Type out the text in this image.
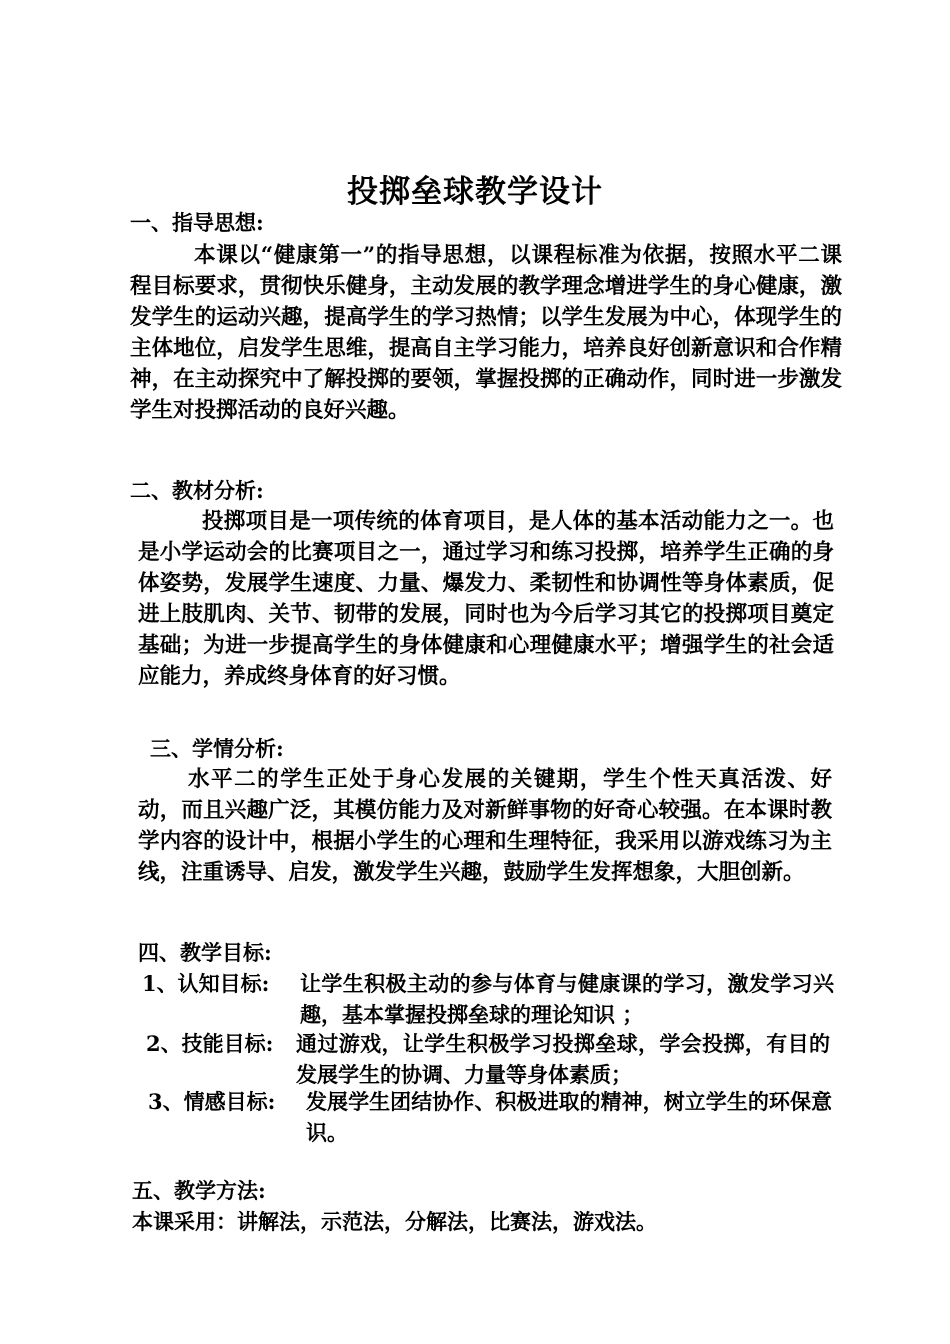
投掷垒球教学设计
一、指导思想:

本课以“健康第一”的指导思想，以课程标准为依据，按照水平二课程目标要求，贯彻快乐健身，主动发展的教学理念增进学生的身心健康，激发学生的运动兴趣，提高学生的学习热情；以学生发展为中心，体现学生的主体地位，启发学生思维，提高自主学习能力，培养良好创新意识和合作精神，在主动探究中了解投掷的要领，掌握投掷的正确动作，同时进一步激发学生对投掷活动的良好兴趣。

二、教材分析:

投掷项目是一项传统的体育项目，是人体的基本活动能力之一。也是小学运动会的比赛项目之一，通过学习和练习投掷，培养学生正确的身体姿势，发展学生速度、力量、爆发力、柔韧性和协调性等身体素质，促进上肢肌肉、关节、韧带的发展，同时也为今后学习其它的投掷项目奠定基础；为进一步提高学生的身体健康和心理健康水平；增强学生的社会适应能力，养成终身体育的好习惯。

三、学情分析:

水平二的学生正处于身心发展的关键期，学生个性天真活泼、好动，而且兴趣广泛，其模仿能力及对新鲜事物的好奇心较强。在本课时教学内容的设计中，根据小学生的心理和生理特征，我采用以游戏练习为主线，注重诱导、启发，激发学生兴趣，鼓励学生发挥想象，大胆创新。

四、教学目标:
1、认知目标: 让学生积极主动的参与体育与健康课的学习，激发学习兴趣，基本掌握投掷垒球的理论知识 ；

2、技能目标: 通过游戏，让学生积极学习投掷垒球，学会投掷，有目的发展学生的协调、力量等身体素质；

3、情感目标: 发展学生团结协作、积极进取的精神，树立学生的环保意识。

五、教学方法:
本课采用：讲解法，示范法，分解法，比赛法，游戏法。
